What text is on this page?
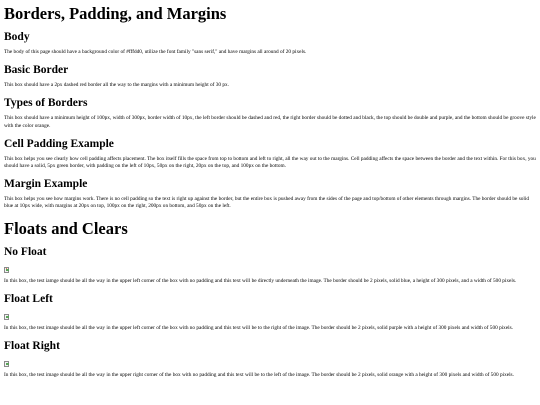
Borders, Padding, and Margins
Body

The body of this page should have a background color of #fffdd0, utilize the font family "sans serif," and have margins all around of 20 pixels.

Basic Border

This box should have a 2px dashed red border all the way to the margins with a minimum height of 30 px.

Types of Borders

This box should have a minimum height of 100px, width of 300px, border width of 10px, the left border should be dashed and red, the right border should be dotted and black, the top should be double and purple, and the bottom should be groove style with the color orange.

Cell Padding Example

This box helps you see clearly how cell padding affects placement. The box itself fills the space from top to bottom and left to right, all the way out to the margins. Cell padding affects the space between the border and the text within. For this box, you should have a solid, 5px green border, with padding on the left of 10px, 50px on the right, 20px on the top, and 100px on the bottom.

Margin Example

This box helps you see how margins work. There is no cell padding so the text is right up against the border, but the entire box is pushed away from the sides of the page and top/bottom of other elements through margins. The border should be solid blue at 10px wide, with margins at 20px on top, 100px on the right, 200px on bottom, and 50px on the left.

Floats and Clears
No Float

In this box, the test iamge should be all the way in the upper left corner of the box with no padding and this text will be directly underneath the image. The border should be 2 pixels, solid blue, a height of 300 pixels, and a width of 500 pixels.

Float Left

In this box, the test image should be all the way in the upper left corner of the box with no padding and this text will be to the right of the image. The border should be 2 pixels, solid purple with a height of 300 pixels and width of 500 pixels.

Float Right

In this box, the test image should be all the way in the upper right corner of the box with no padding and this text will be to the left of the image. The border should be 2 pixels, solid orange with a height of 300 pixels and width of 500 pixels.
